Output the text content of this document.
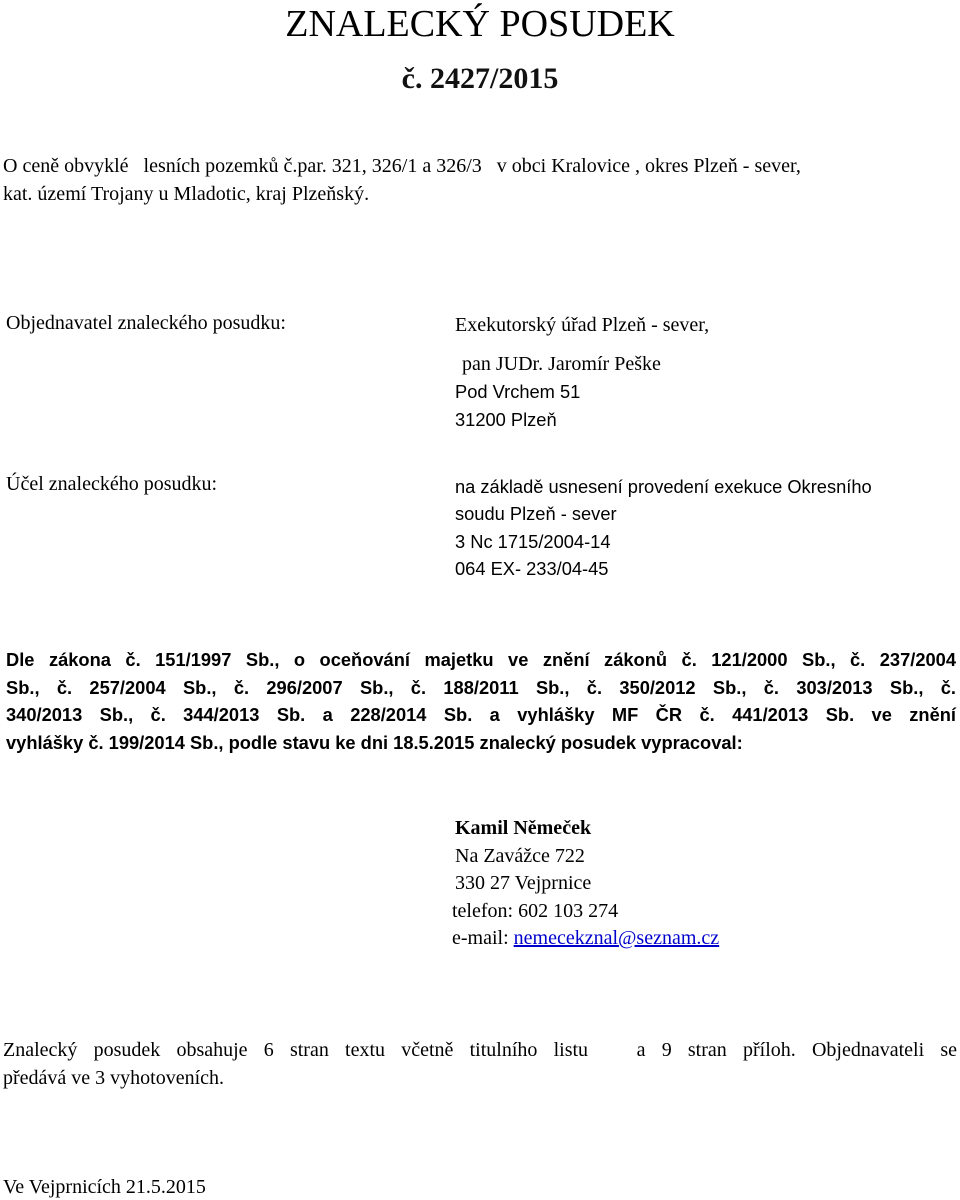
ZNALECKÝ POSUDEK
č. 2427/2015
O ceně obvyklé   lesních pozemků č.par. 321, 326/1 a 326/3   v obci Kralovice , okres Plzeň - sever,
kat. území Trojany u Mladotic, kraj Plzeňský.
Objednavatel znaleckého posudku:	Exekutorský úřad Plzeň - sever,
pan JUDr. Jaromír Peške
Pod Vrchem 51
31200 Plzeň
Účel znaleckého posudku:	na základě usnesení provedení exekuce Okresního
soudu Plzeň - sever
3 Nc 1715/2004-14
064 EX- 233/04-45
Dle zákona č. 151/1997 Sb., o oceňování majetku ve znění zákonů č. 121/2000 Sb., č. 237/2004
Sb., č. 257/2004 Sb., č. 296/2007 Sb., č. 188/2011 Sb., č. 350/2012 Sb., č. 303/2013 Sb., č.
340/2013 Sb., č. 344/2013 Sb. a 228/2014 Sb. a vyhlášky MF ČR č. 441/2013 Sb. ve znění
vyhlášky č. 199/2014 Sb., podle stavu ke dni 18.5.2015 znalecký posudek vypracoval:
Kamil Němeček
Na Zavážce 722
330 27 Vejprnice
telefon: 602 103 274
e-mail: nemecekznal@seznam.cz
Znalecký posudek obsahuje 6 stran textu včetně titulního listu   a 9 stran příloh. Objednavateli se
předává ve 3 vyhotoveních.
Ve Vejprnicích 21.5.2015
